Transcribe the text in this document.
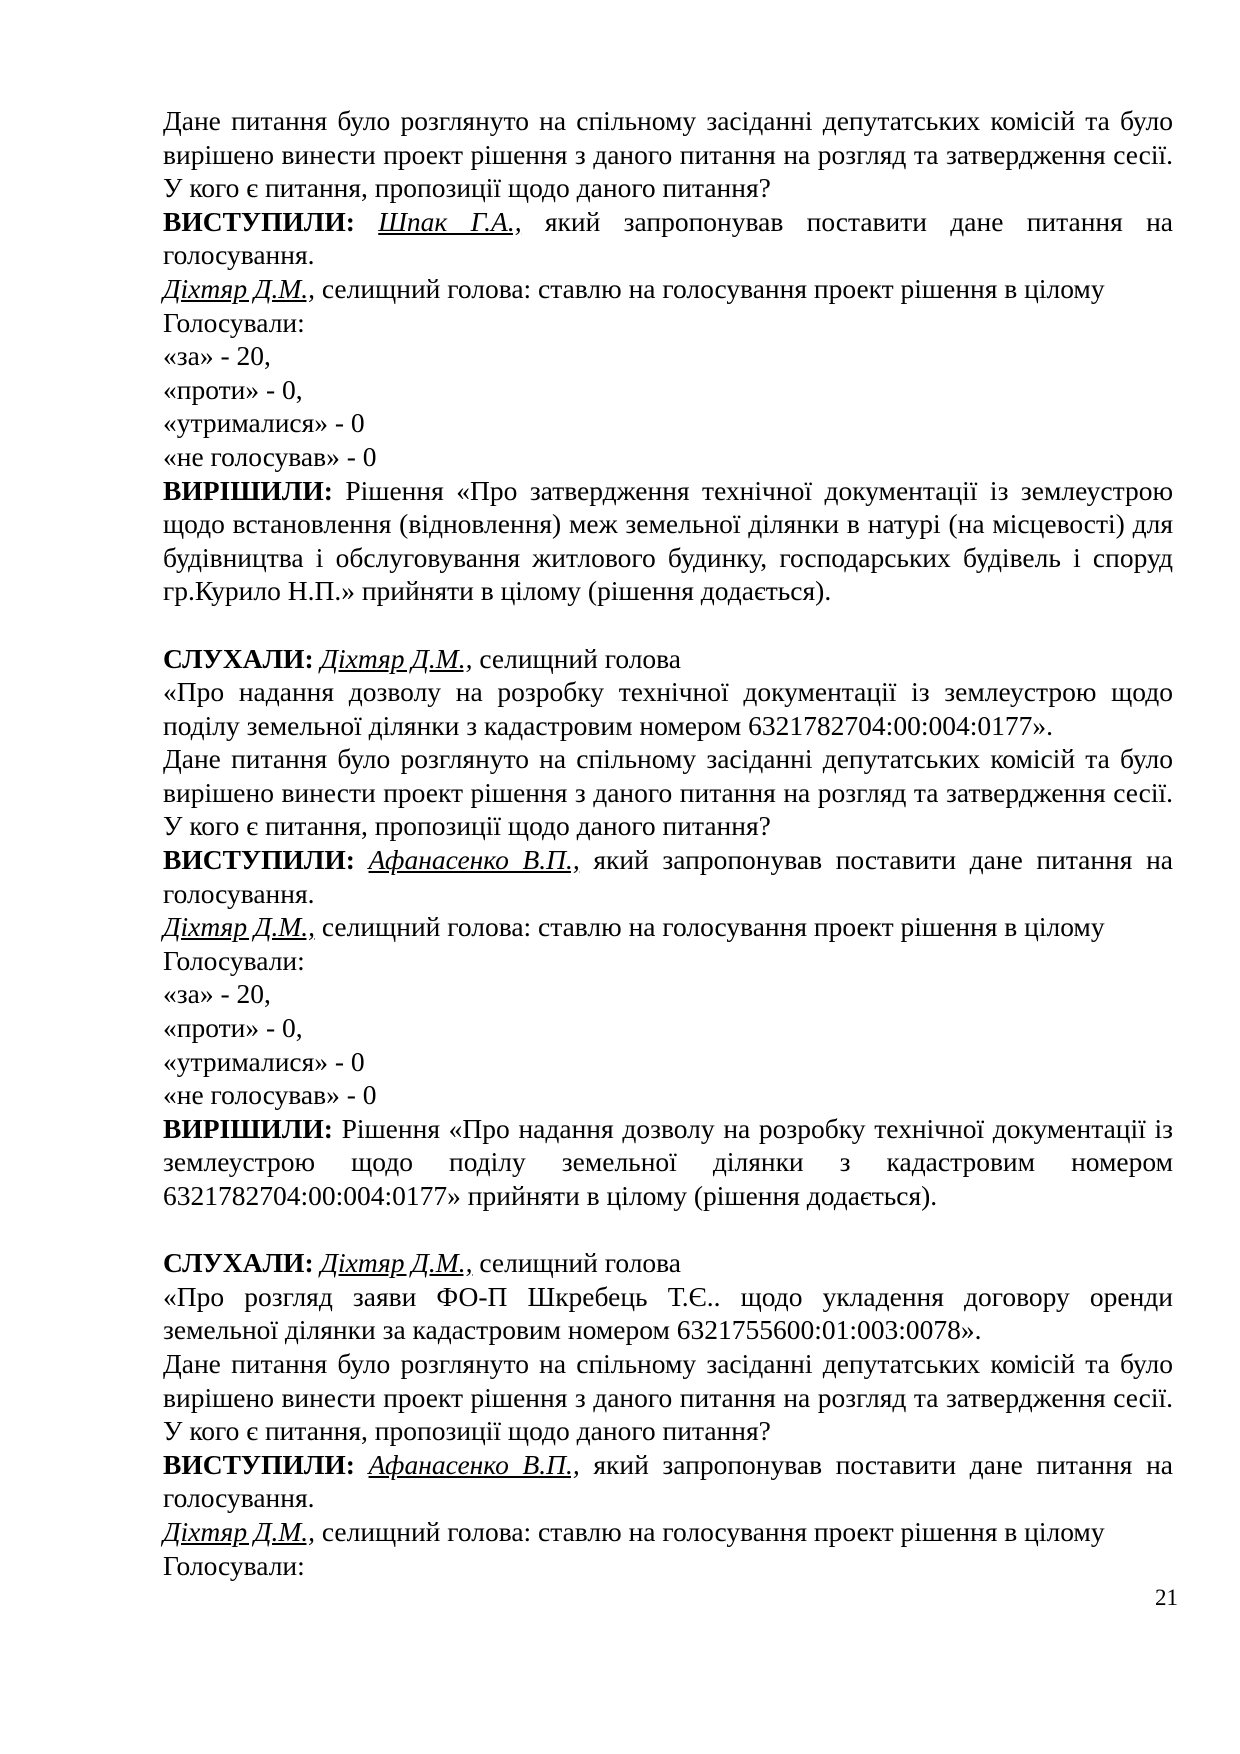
Дане питання було розглянуто на спільному засіданні депутатських комісій та було вирішено винести проект рішення з даного питання на розгляд та затвердження сесії. У кого є питання, пропозиції щодо даного питання?

ВИСТУПИЛИ: Шпак Г.А., який запропонував поставити дане питання на голосування.

Діхтяр Д.М., селищний голова: ставлю на голосування проект рішення в цілому

Голосували:

«за» - 20,

«проти» - 0,

«утрималися» - 0

«не голосував» - 0

ВИРІШИЛИ: Рішення «Про затвердження технічної документації із землеустрою щодо встановлення (відновлення) меж земельної ділянки в натурі (на місцевості) для будівництва і обслуговування житлового будинку, господарських будівель і споруд гр.Курило Н.П.» прийняти в цілому (рішення додається).

СЛУХАЛИ: Діхтяр Д.М., селищний голова

«Про надання дозволу на розробку технічної документації із землеустрою щодо поділу земельної ділянки з кадастровим номером 6321782704:00:004:0177».

Дане питання було розглянуто на спільному засіданні депутатських комісій та було вирішено винести проект рішення з даного питання на розгляд та затвердження сесії. У кого є питання, пропозиції щодо даного питання?

ВИСТУПИЛИ: Афанасенко В.П., який запропонував поставити дане питання на голосування.

Діхтяр Д.М., селищний голова: ставлю на голосування проект рішення в цілому

Голосували:

«за» - 20,

«проти» - 0,

«утрималися» - 0

«не голосував» - 0

ВИРІШИЛИ: Рішення «Про надання дозволу на розробку технічної документації із землеустрою щодо поділу земельної ділянки з кадастровим номером 6321782704:00:004:0177» прийняти в цілому (рішення додається).

СЛУХАЛИ: Діхтяр Д.М., селищний голова

«Про розгляд заяви ФО-П Шкребець Т.Є.. щодо укладення договору оренди земельної ділянки за кадастровим номером 6321755600:01:003:0078».

Дане питання було розглянуто на спільному засіданні депутатських комісій та було вирішено винести проект рішення з даного питання на розгляд та затвердження сесії. У кого є питання, пропозиції щодо даного питання?

ВИСТУПИЛИ: Афанасенко В.П., який запропонував поставити дане питання на голосування.

Діхтяр Д.М., селищний голова: ставлю на голосування проект рішення в цілому

Голосували:

21
